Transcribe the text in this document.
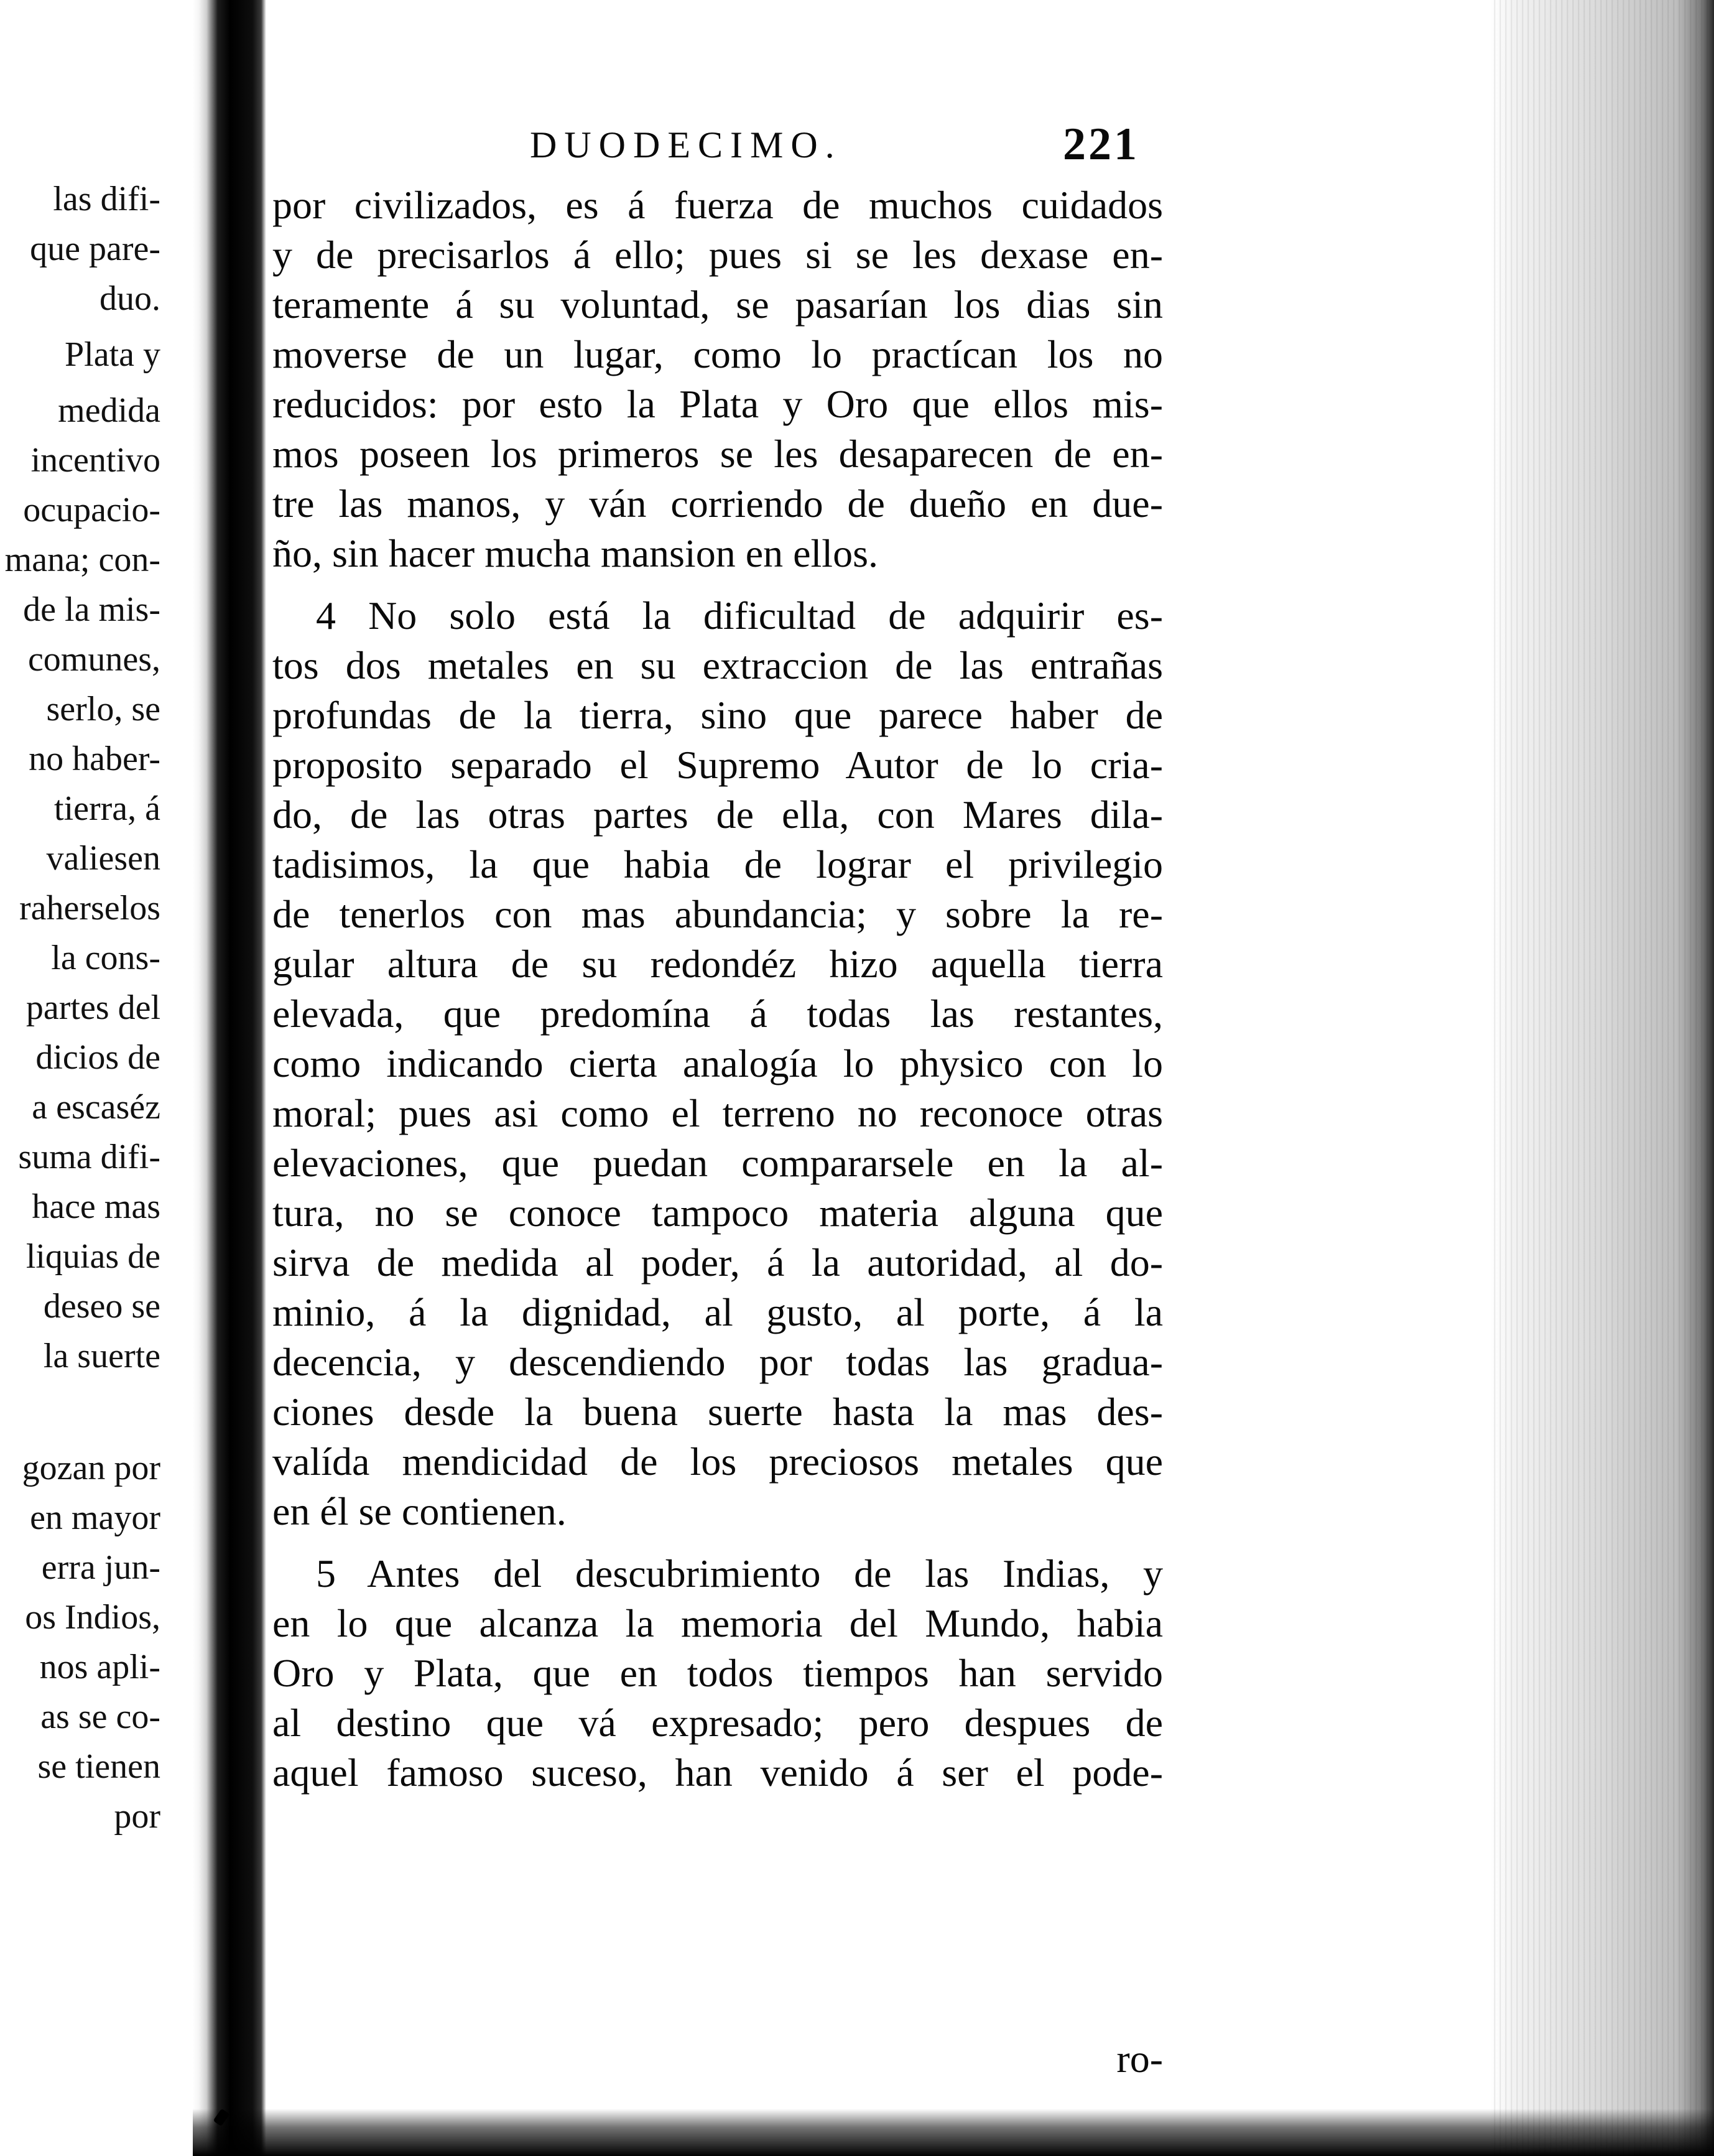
las difi-
que pare-
duo.
Plata y
medida
incentivo
ocupacio-
mana; con-
de la mis-
comunes,
serlo, se
no haber-
tierra, á
valiesen
raherselos
la cons-
partes del
dicios de
a escaséz
suma difi-
hace mas
liquias de
deseo se
la suerte
gozan por
en mayor
erra jun-
os Indios,
nos apli-
as se co-
se tienen
por
DUODECIMO.	221
por civilizados, es á fuerza de muchos cuidados
y de precisarlos á ello; pues si se les dexase en-
teramente á su voluntad, se pasarían los dias sin
moverse de un lugar, como lo practícan los no
reducidos: por esto la Plata y Oro que ellos mis-
mos poseen los primeros se les desaparecen de en-
tre las manos, y ván corriendo de dueño en due-
ño, sin hacer mucha mansion en ellos.
4 No solo está la dificultad de adquirir es-
tos dos metales en su extraccion de las entrañas
profundas de la tierra, sino que parece haber de
proposito separado el Supremo Autor de lo cria-
do, de las otras partes de ella, con Mares dila-
tadisimos, la que habia de lograr el privilegio
de tenerlos con mas abundancia; y sobre la re-
gular altura de su redondéz hizo aquella tierra
elevada, que predomína á todas las restantes,
como indicando cierta analogía lo physico con lo
moral; pues asi como el terreno no reconoce otras
elevaciones, que puedan compararsele en la al-
tura, no se conoce tampoco materia alguna que
sirva de medida al poder, á la autoridad, al do-
minio, á la dignidad, al gusto, al porte, á la
decencia, y descendiendo por todas las gradua-
ciones desde la buena suerte hasta la mas des-
valída mendicidad de los preciosos metales que
en él se contienen.
5 Antes del descubrimiento de las Indias, y
en lo que alcanza la memoria del Mundo, habia
Oro y Plata, que en todos tiempos han servido
al destino que vá expresado; pero despues de
aquel famoso suceso, han venido á ser el pode-
ro-
